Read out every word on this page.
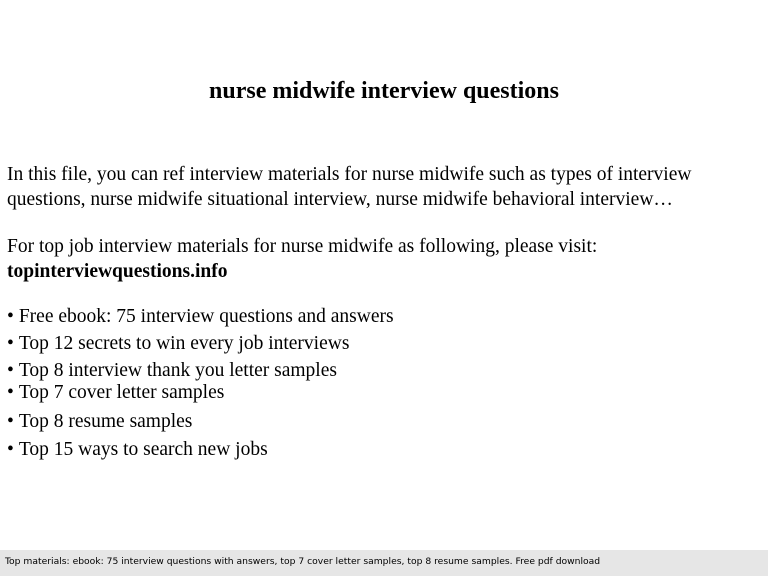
nurse midwife interview questions

In this file, you can ref interview materials for nurse midwife such as types of interview questions, nurse midwife situational interview, nurse midwife behavioral interview…

For top job interview materials for nurse midwife as following, please visit:
topinterviewquestions.info

• Free ebook: 75 interview questions and answers
• Top 12 secrets to win every job interviews
• Top 8 interview thank you letter samples
• Top 7 cover letter samples
• Top 8 resume samples
• Top 15 ways to search new jobs
Top materials: ebook: 75 interview questions with answers, top 7 cover letter samples, top 8 resume samples. Free pdf download
